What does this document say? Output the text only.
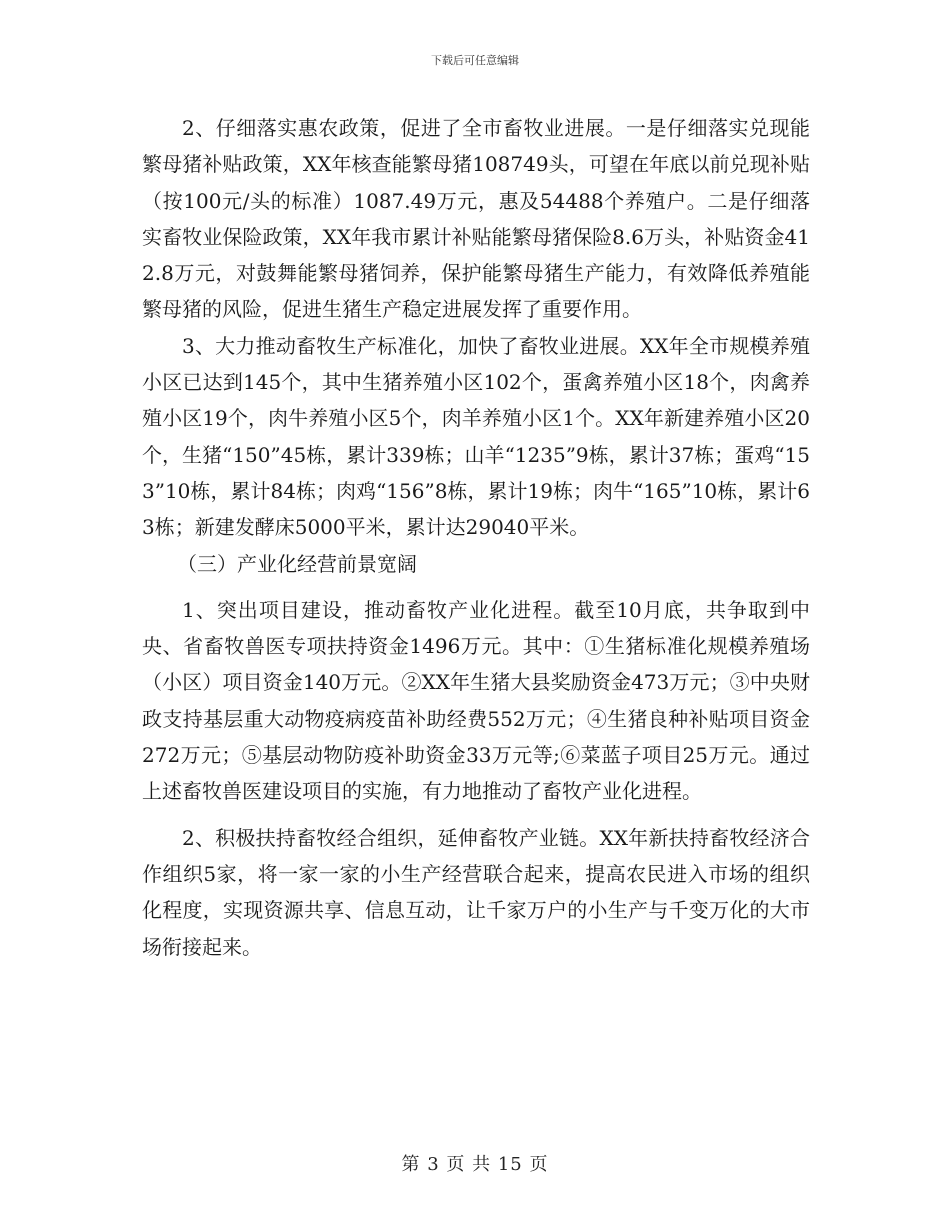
下载后可任意编辑

2、仔细落实惠农政策，促进了全市畜牧业进展。一是仔细落实兑现能繁母猪补贴政策，XX年核查能繁母猪108749头，可望在年底以前兑现补贴（按100元/头的标准）1087.49万元，惠及54488个养殖户。二是仔细落实畜牧业保险政策，XX年我市累计补贴能繁母猪保险8.6万头，补贴资金412.8万元，对鼓舞能繁母猪饲养，保护能繁母猪生产能力，有效降低养殖能繁母猪的风险，促进生猪生产稳定进展发挥了重要作用。

3、大力推动畜牧生产标准化，加快了畜牧业进展。XX年全市规模养殖小区已达到145个，其中生猪养殖小区102个，蛋禽养殖小区18个，肉禽养殖小区19个，肉牛养殖小区5个，肉羊养殖小区1个。XX年新建养殖小区20个，生猪“150”45栋，累计339栋；山羊“1235”9栋，累计37栋；蛋鸡“153”10栋，累计84栋；肉鸡“156”8栋，累计19栋；肉牛“165”10栋，累计63栋；新建发酵床5000平米，累计达29040平米。

（三）产业化经营前景宽阔

1、突出项目建设，推动畜牧产业化进程。截至10月底，共争取到中央、省畜牧兽医专项扶持资金1496万元。其中：①生猪标准化规模养殖场（小区）项目资金140万元。②XX年生猪大县奖励资金473万元；③中央财政支持基层重大动物疫病疫苗补助经费552万元；④生猪良种补贴项目资金272万元；⑤基层动物防疫补助资金33万元等;⑥菜蓝子项目25万元。通过上述畜牧兽医建设项目的实施，有力地推动了畜牧产业化进程。

2、积极扶持畜牧经合组织，延伸畜牧产业链。XX年新扶持畜牧经济合作组织5家，将一家一家的小生产经营联合起来，提高农民进入市场的组织化程度，实现资源共享、信息互动，让千家万户的小生产与千变万化的大市场衔接起来。

第 3 页 共 15 页
